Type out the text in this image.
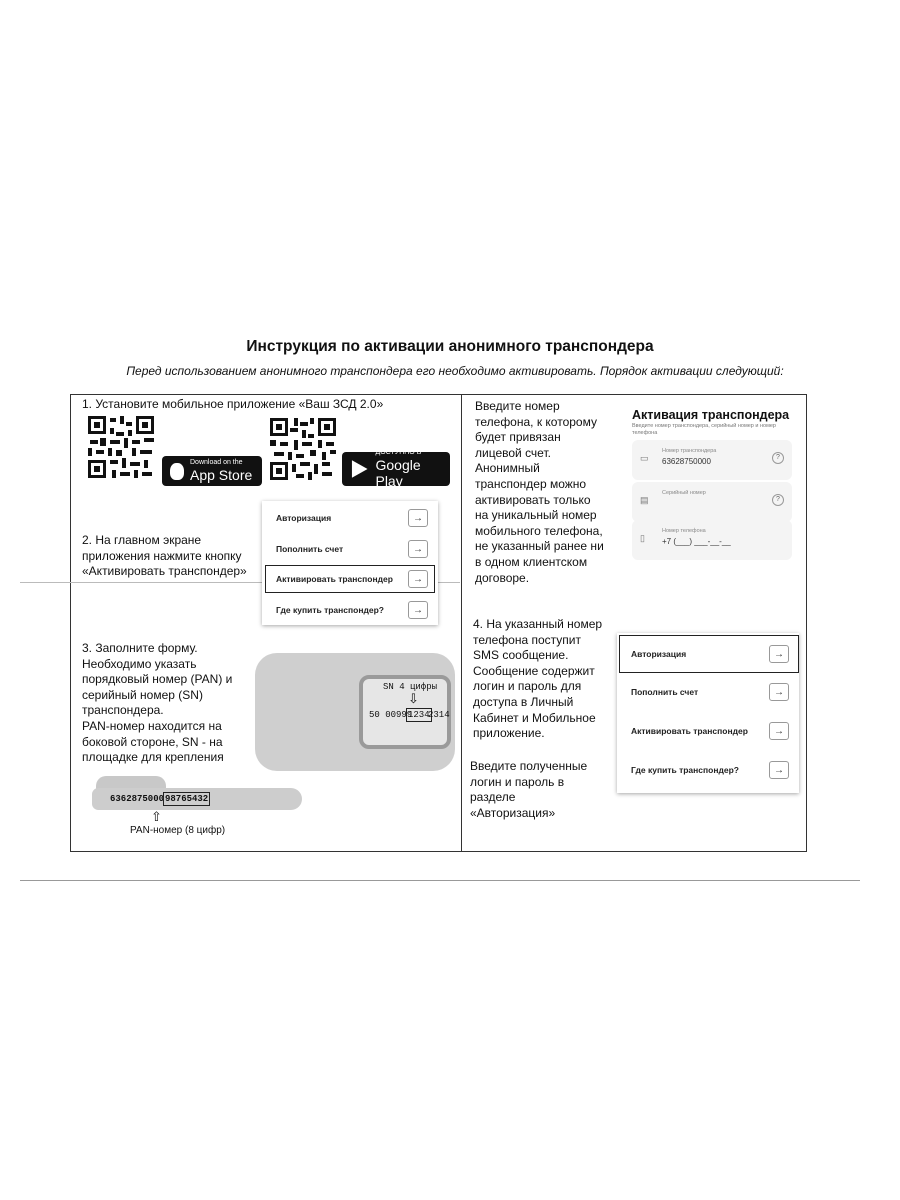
Инструкция по активации анонимного транспондера
Перед использованием анонимного транспондера его необходимо активировать. Порядок активации следующий:
1. Установите мобильное приложение «Ваш ЗСД 2.0»
Download on the
App Store
ДОСТУПНО В
Google Play
2. На главном экране
приложения нажмите кнопку
«Активировать транспондер»
Авторизация	→
Пополнить счет	→
Активировать транспондер	→
Где купить транспондер?	→
3. Заполните форму.
Необходимо указать
порядковый номер (PAN) и
серийный номер (SN)
транспондера.
PAN-номер находится на
боковой стороне, SN - на
площадке для крепления
SN 4 цифры
⇩
50 00999
1234
2314
6362875000 98765432
⇧
PAN-номер (8 цифр)
Введите номер
телефона, к которому
будет привязан
лицевой счет.
Анонимный
транспондер можно
активировать только
на уникальный номер
мобильного телефона,
не указанный ранее ни
в одном клиентском
договоре.
Активация транспондера
Введите номер транспондера, серийный номер и номер телефона
▭
Номер транспондера
63628750000	?
▤
Серийный номер
?
▯
Номер телефона
+7 (___) ___-__-__
4. На указанный номер
телефона поступит
SMS сообщение.
Сообщение содержит
логин и пароль для
доступа в Личный
Кабинет и Мобильное
приложение.
Введите полученные
логин и пароль в
разделе
«Авторизация»
Авторизация	→
Пополнить счет	→
Активировать транспондер	→
Где купить транспондер?	→
